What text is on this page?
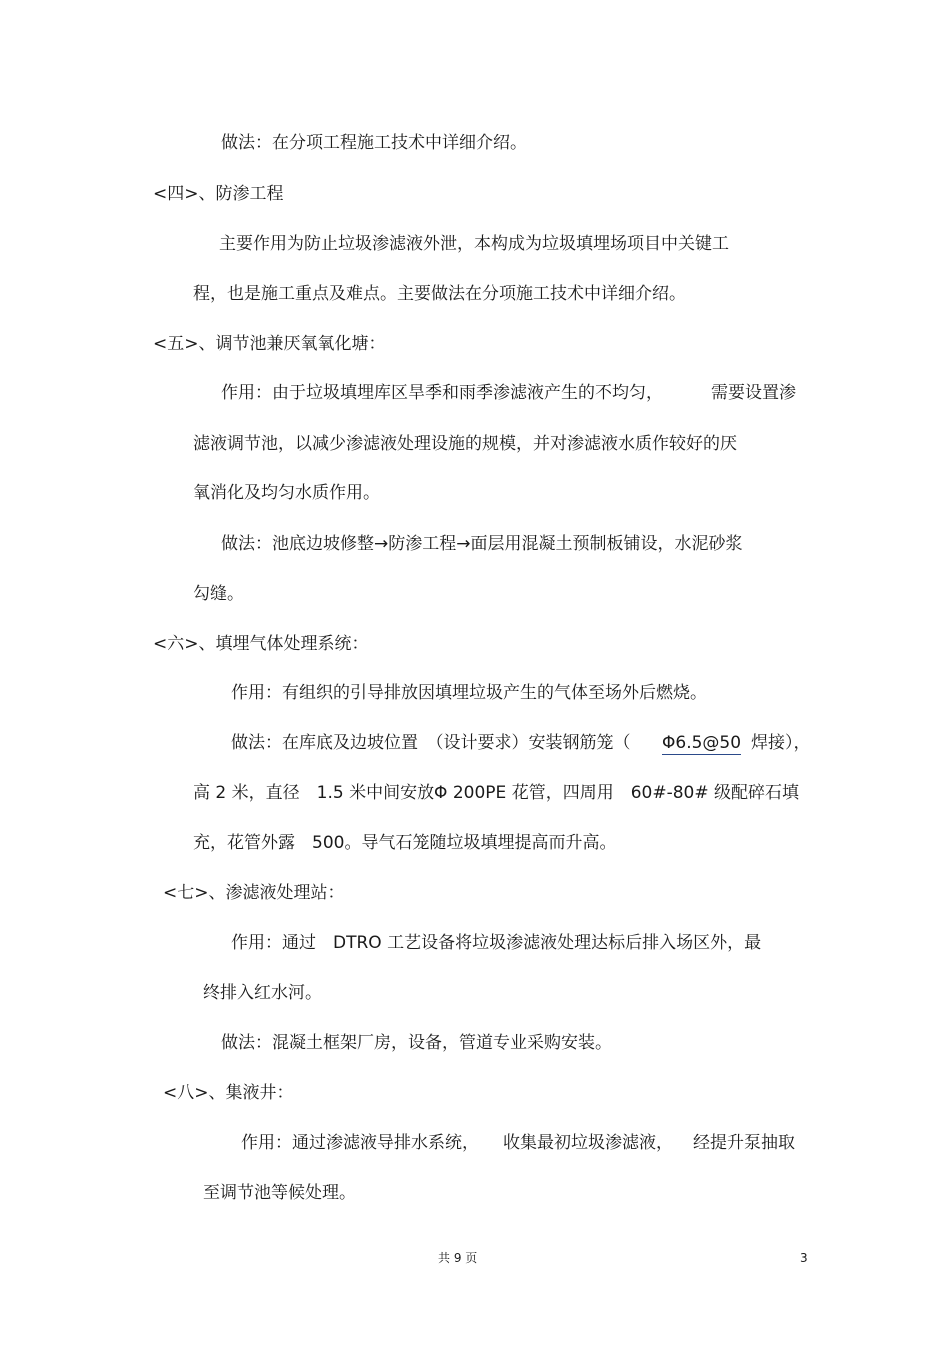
做法：在分项工程施工技术中详细介绍。
<四>、防渗工程
主要作用为防止垃圾渗滤液外泄，本构成为垃圾填埋场项目中关键工
程，也是施工重点及难点。主要做法在分项施工技术中详细介绍。
<五>、调节池兼厌氧氧化塘：
作用：由于垃圾填埋库区旱季和雨季渗滤液产生的不均匀，	需要设置渗
滤液调节池，以减少渗滤液处理设施的规模，并对渗滤液水质作较好的厌
氧消化及均匀水质作用。
做法：池底边坡修整→防渗工程→面层用混凝土预制板铺设，水泥砂浆
勾缝。
<六>、填埋气体处理系统：
作用：有组织的引导排放因填埋垃圾产生的气体至场外后燃烧。
做法：在库底及边坡位置　（设计要求）安装钢筋笼（ Φ6.5@50 焊接），
高 2 米，直径　1.5 米中间安放Φ 200PE 花管，四周用　60#-80# 级配碎石填
充，花管外露　500。导气石笼随垃圾填埋提高而升高。
<七>、渗滤液处理站：
作用：通过　DTRO 工艺设备将垃圾渗滤液处理达标后排入场区外，最
终排入红水河。
做法：混凝土框架厂房，设备，管道专业采购安装。
<八>、集液井：
作用：通过渗滤液导排水系统， 收集最初垃圾渗滤液， 经提升泵抽取
至调节池等候处理。
共 9 页	3
